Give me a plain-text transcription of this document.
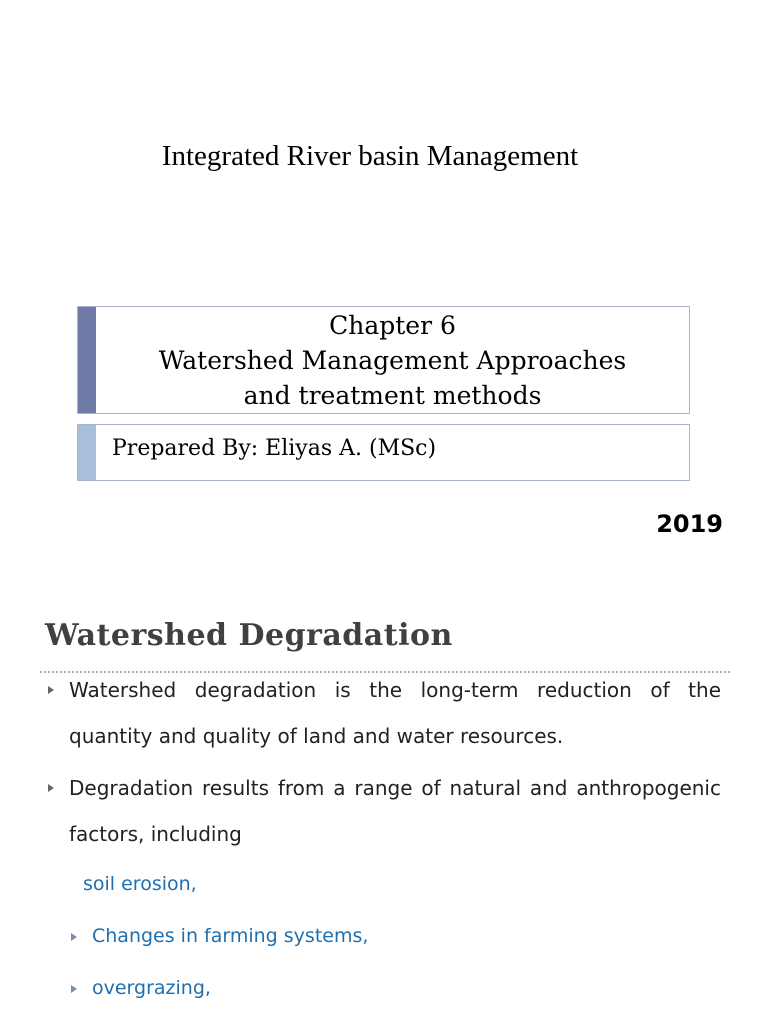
Integrated River basin Management
Chapter 6
Watershed Management Approaches
and treatment methods
Prepared By: Eliyas A. (MSc)
2019
Watershed Degradation
Watershed degradation is the long-term reduction of the
quantity and quality of land and water resources.
Degradation results from a range of natural and anthropogenic
factors, including
soil erosion,
Changes in farming systems,
overgrazing,
